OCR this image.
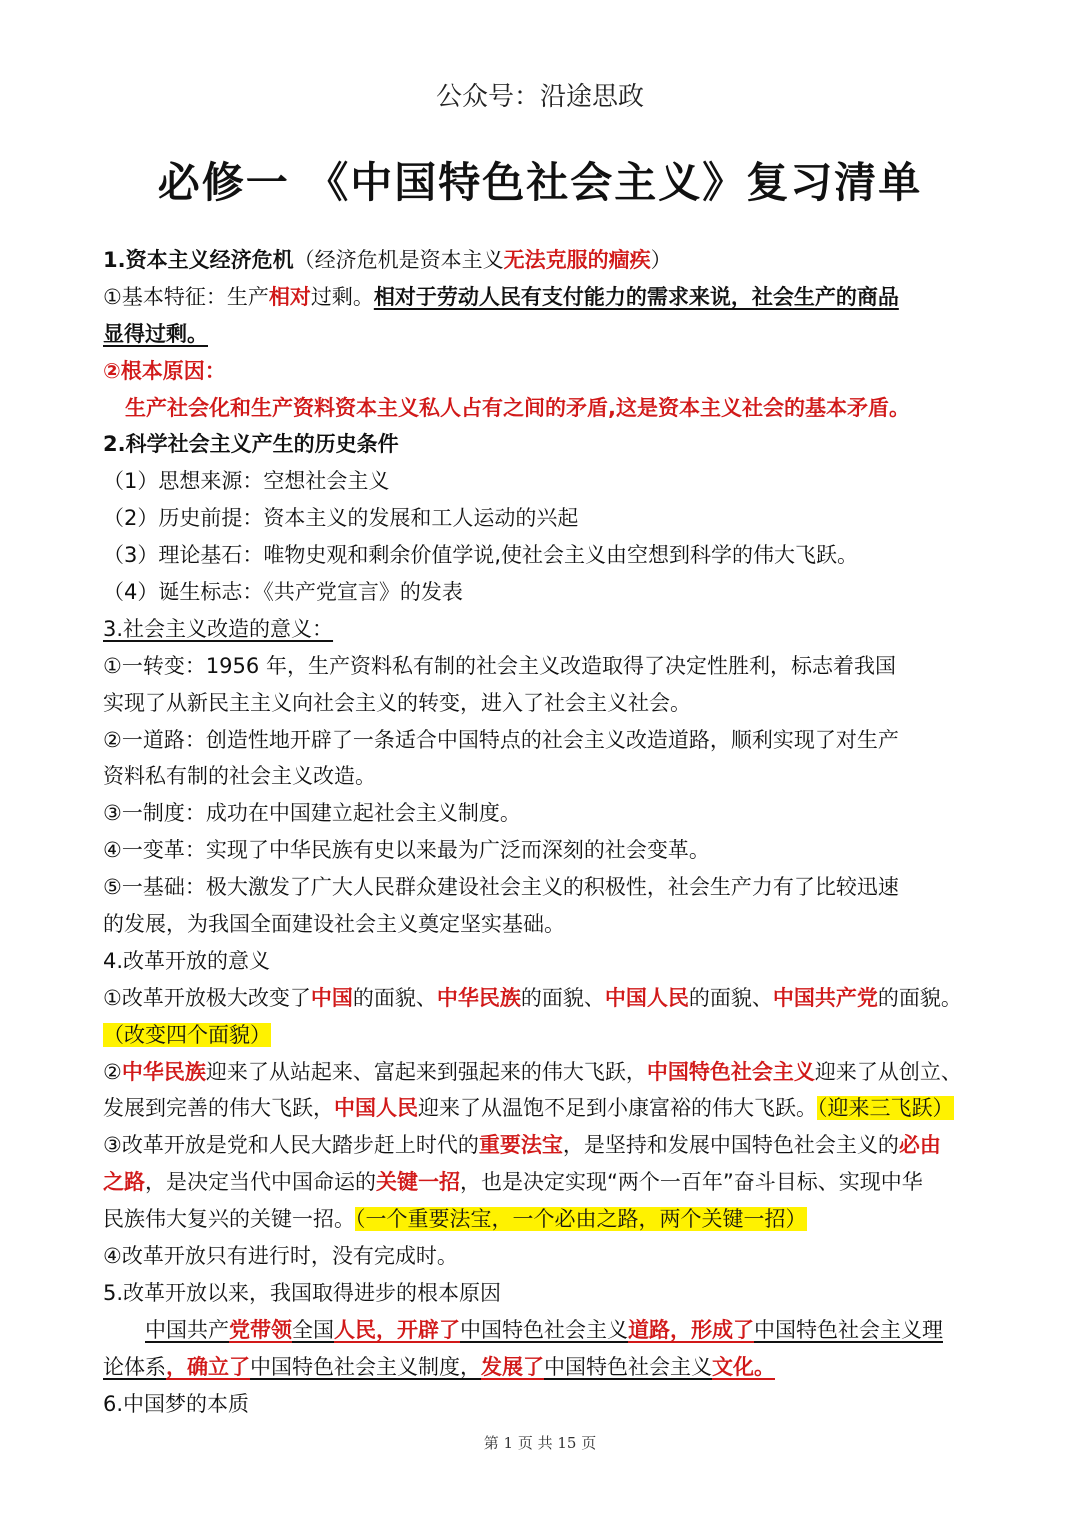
公众号：沿途思政
必修一 《中国特色社会主义》复习清单
1.资本主义经济危机（经济危机是资本主义无法克服的痼疾）
①基本特征：生产相对过剩。相对于劳动人民有支付能力的需求来说，社会生产的商品
显得过剩。
②根本原因：
生产社会化和生产资料资本主义私人占有之间的矛盾,这是资本主义社会的基本矛盾。
2.科学社会主义产生的历史条件
（1）思想来源：空想社会主义
（2）历史前提：资本主义的发展和工人运动的兴起
（3）理论基石：唯物史观和剩余价值学说,使社会主义由空想到科学的伟大飞跃。
（4）诞生标志：《共产党宣言》的发表
3.社会主义改造的意义：
①一转变：1956 年，生产资料私有制的社会主义改造取得了决定性胜利，标志着我国
实现了从新民主主义向社会主义的转变，进入了社会主义社会。
②一道路：创造性地开辟了一条适合中国特点的社会主义改造道路，顺利实现了对生产
资料私有制的社会主义改造。
③一制度：成功在中国建立起社会主义制度。
④一变革：实现了中华民族有史以来最为广泛而深刻的社会变革。
⑤一基础：极大激发了广大人民群众建设社会主义的积极性，社会生产力有了比较迅速
的发展，为我国全面建设社会主义奠定坚实基础。
4.改革开放的意义
①改革开放极大改变了中国的面貌、中华民族的面貌、中国人民的面貌、中国共产党的面貌。
（改变四个面貌）
②中华民族迎来了从站起来、富起来到强起来的伟大飞跃，中国特色社会主义迎来了从创立、
发展到完善的伟大飞跃，中国人民迎来了从温饱不足到小康富裕的伟大飞跃。（迎来三飞跃）
③改革开放是党和人民大踏步赶上时代的重要法宝，是坚持和发展中国特色社会主义的必由
之路，是决定当代中国命运的关键一招，也是决定实现“两个一百年”奋斗目标、实现中华
民族伟大复兴的关键一招。（一个重要法宝，一个必由之路，两个关键一招）
④改革开放只有进行时，没有完成时。
5.改革开放以来，我国取得进步的根本原因
中国共产党带领全国人民，开辟了中国特色社会主义道路，形成了中国特色社会主义理
论体系，确立了中国特色社会主义制度，发展了中国特色社会主义文化。
6.中国梦的本质
第 1 页 共 15 页
